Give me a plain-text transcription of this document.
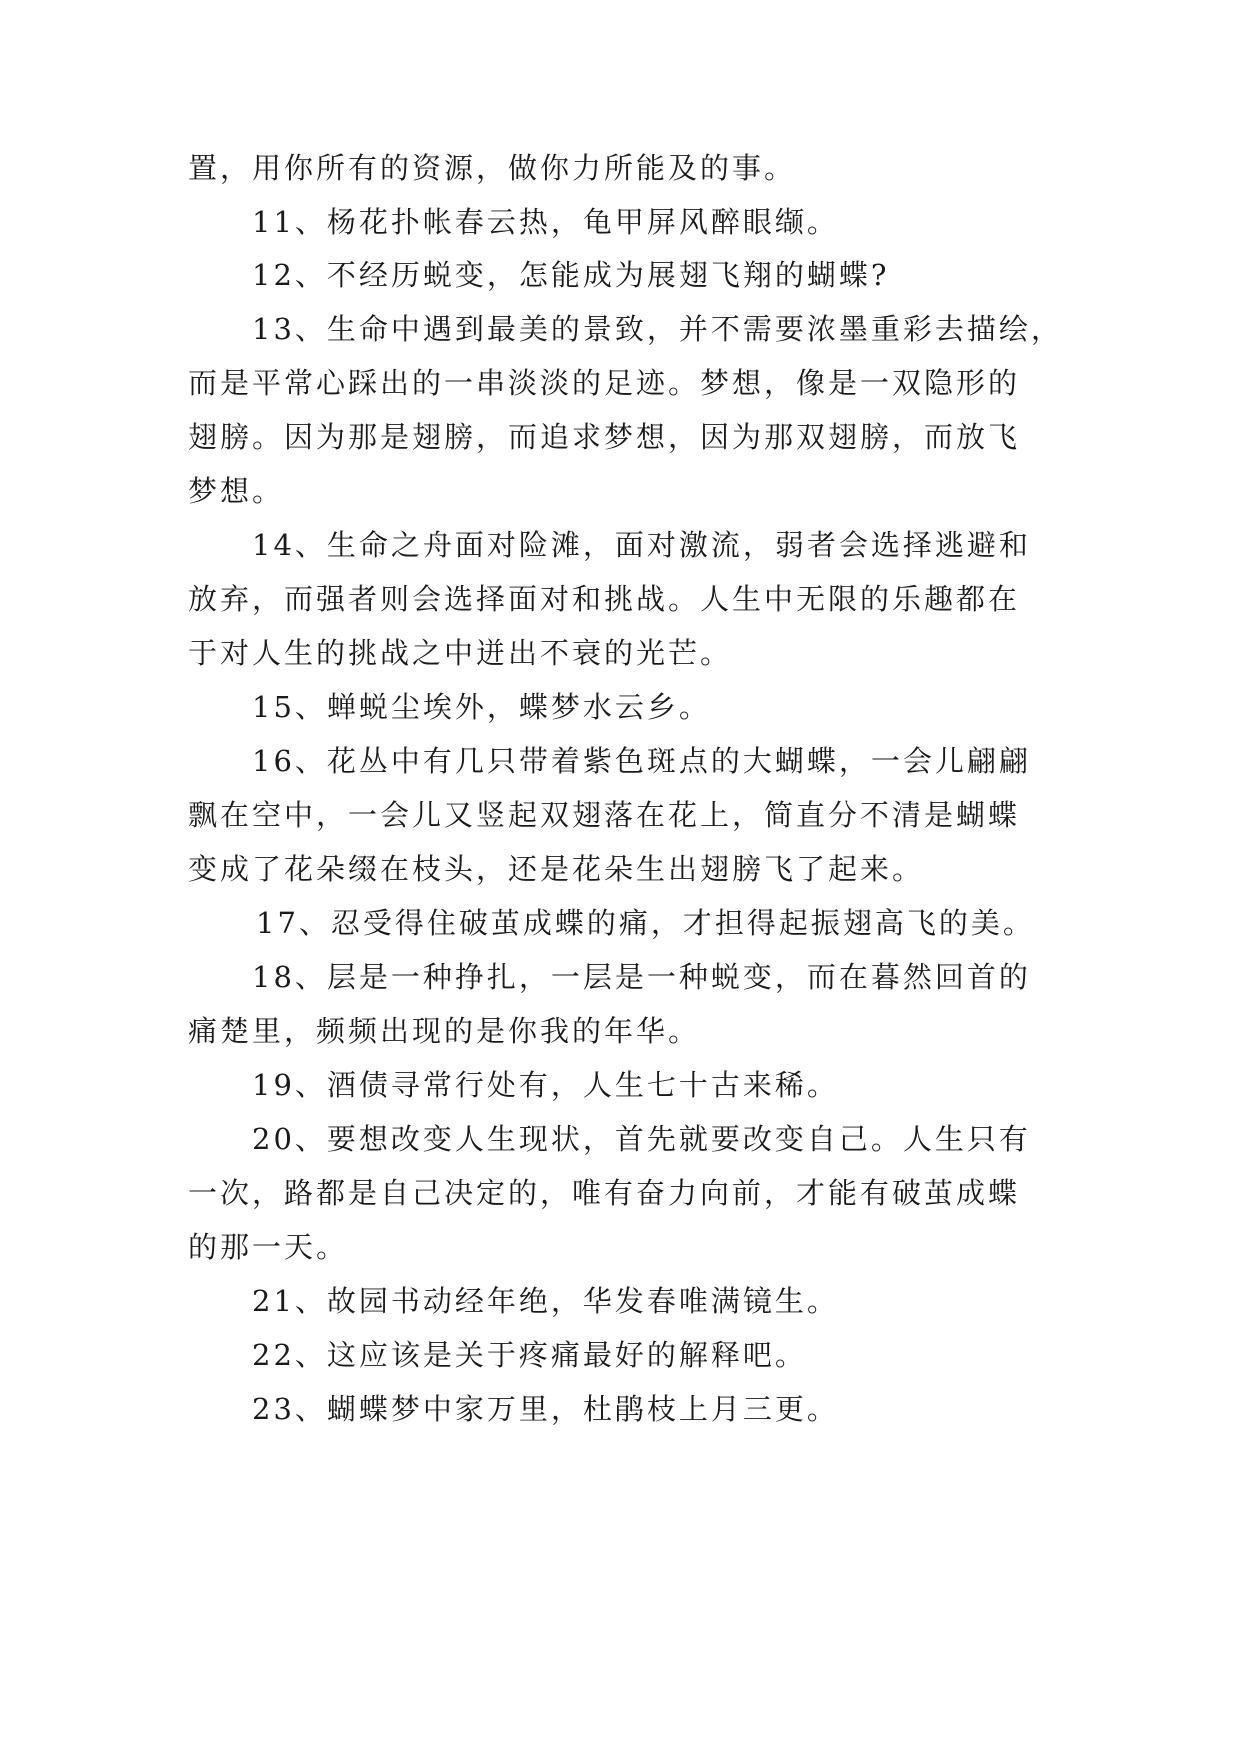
置，用你所有的资源，做你力所能及的事。
11、杨花扑帐春云热，龟甲屏风醉眼缬。
12、不经历蜕变，怎能成为展翅飞翔的蝴蝶?
13、生命中遇到最美的景致，并不需要浓墨重彩去描绘，
而是平常心踩出的一串淡淡的足迹。梦想，像是一双隐形的
翅膀。因为那是翅膀，而追求梦想，因为那双翅膀，而放飞
梦想。
14、生命之舟面对险滩，面对激流，弱者会选择逃避和
放弃，而强者则会选择面对和挑战。人生中无限的乐趣都在
于对人生的挑战之中迸出不衰的光芒。
15、蝉蜕尘埃外，蝶梦水云乡。
16、花丛中有几只带着紫色斑点的大蝴蝶，一会儿翩翩
飘在空中，一会儿又竖起双翅落在花上，简直分不清是蝴蝶
变成了花朵缀在枝头，还是花朵生出翅膀飞了起来。
17、忍受得住破茧成蝶的痛，才担得起振翅高飞的美。
18、层是一种挣扎，一层是一种蜕变，而在暮然回首的
痛楚里，频频出现的是你我的年华。
19、酒债寻常行处有，人生七十古来稀。
20、要想改变人生现状，首先就要改变自己。人生只有
一次，路都是自己决定的，唯有奋力向前，才能有破茧成蝶
的那一天。
21、故园书动经年绝，华发春唯满镜生。
22、这应该是关于疼痛最好的解释吧。
23、蝴蝶梦中家万里，杜鹃枝上月三更。
